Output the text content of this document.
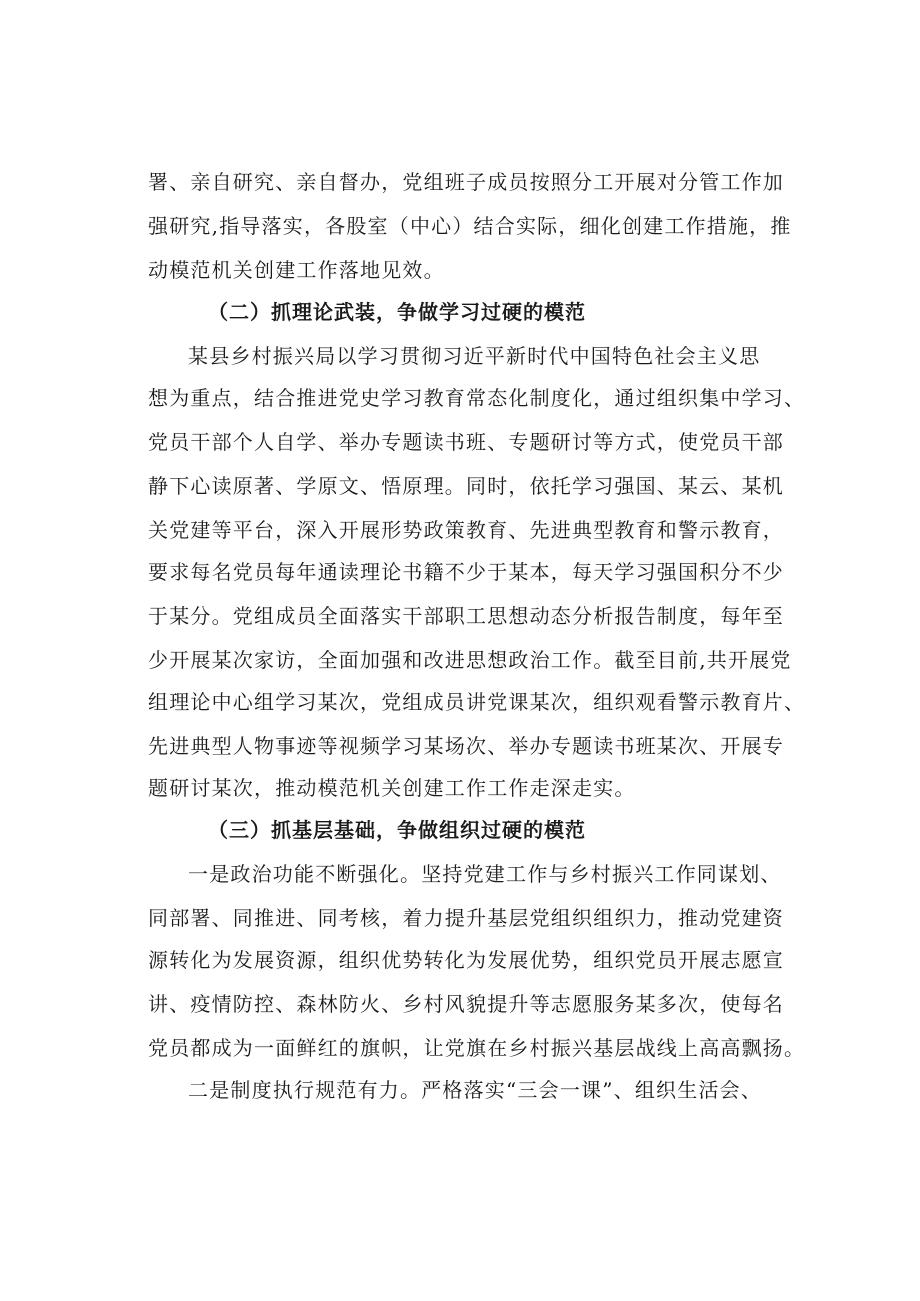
署、亲自研究、亲自督办，党组班子成员按照分工开展对分管工作加
强研究,指导落实，各股室（中心）结合实际，细化创建工作措施，推
动模范机关创建工作落地见效。
（二）抓理论武装，争做学习过硬的模范
某县乡村振兴局以学习贯彻习近平新时代中国特色社会主义思
想为重点，结合推进党史学习教育常态化制度化，通过组织集中学习、
党员干部个人自学、举办专题读书班、专题研讨等方式，使党员干部
静下心读原著、学原文、悟原理。同时，依托学习强国、某云、某机
关党建等平台，深入开展形势政策教育、先进典型教育和警示教育，
要求每名党员每年通读理论书籍不少于某本，每天学习强国积分不少
于某分。党组成员全面落实干部职工思想动态分析报告制度，每年至
少开展某次家访，全面加强和改进思想政治工作。截至目前,共开展党
组理论中心组学习某次，党组成员讲党课某次，组织观看警示教育片、
先进典型人物事迹等视频学习某场次、举办专题读书班某次、开展专
题研讨某次，推动模范机关创建工作工作走深走实。
（三）抓基层基础，争做组织过硬的模范
一是政治功能不断强化。坚持党建工作与乡村振兴工作同谋划、
同部署、同推进、同考核，着力提升基层党组织组织力，推动党建资
源转化为发展资源，组织优势转化为发展优势，组织党员开展志愿宣
讲、疫情防控、森林防火、乡村风貌提升等志愿服务某多次，使每名
党员都成为一面鲜红的旗帜，让党旗在乡村振兴基层战线上高高飘扬。
二是制度执行规范有力。严格落实“三会一课”、组织生活会、
